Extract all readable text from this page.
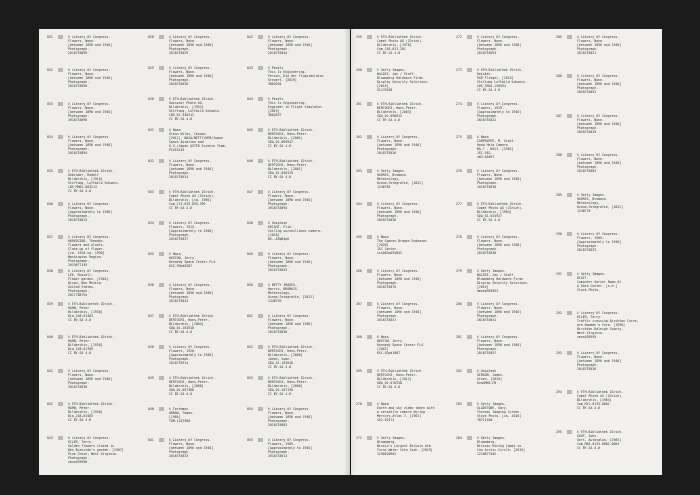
031	© Library Of Congress.
Flowers, None.
[between 1890 and 1940]
Photograph.
2018753899
032	© Library Of Congress.
Flowers, None.
[between 1890 and 1940]
Photograph.
2018753890
033	© Library Of Congress.
Flowers, None.
[between 1890 and 1940]
Photograph.
2018753896
034	© Library Of Congress.
Flowers, None.
[between 1890 and 1940]
Photograph.
2018753894
035	© ETH-Bibliothek Zürich.
Gebrüder, Rudolf
Bildarchiv, [1910]
Stiftung, Luftbild Schweiz.
LBS_MH01-003214
CC BY-SA 4.0
036	© Library Of Congress.
Flowers, None.
[Approximately to 1940]
Photograph.
2018753813
037	© Library Of Congress.
HORYDCZAK, Theodor.
Flowers and plants.
Close-up of flower.
[ca. 1920-ca. 1950]
Washington Region.
Photograph.
2019677149
038	© Library Of Congress.
LEE, Russell.
Flower garden. [1940]
Dixon, New Mexico.
United States.
Photograph.
2017788754
039	© ETH-Bibliothek Zürich.
HAHN, Peter.
Bildarchiv, [1930]
Dia_248-01404
CC BY-SA 4.0
040	© ETH-Bibliothek Zürich.
HAHN, Peter.
Bildarchiv, [1930]
Dia_248-01709
CC BY-SA 4.0
041	© Library Of Congress.
Flowers, None.
[between 1890 and 1940]
Photograph.
2018753838
042	© ETH-Bibliothek Zürich.
HAHN, Peter.
Bildarchiv, [1930]
Dia_248-01583
CC BY-SA 4.0
043	© Library Of Congress.
KILER, Terry.
Golden flowers closed in
Ben Burnside's garden. [1987]
Pine Grove, West Virginia.
Photograph.
cmns035998
028	© Library Of Congress.
Flowers, None.
[between 1890 and 1940]
Photograph.
2018753029
029	© Library Of Congress.
Flowers, None.
[between 1890 and 1940]
Photograph.
2018753028
030	© ETH-Bibliothek Zürich.
Swissair Photo AG.
Bildarchiv, [1953]
Stiftung, Luftbild Schweiz.
LBS_R1-540312
CC BY-SA 4.0
031	© Nasa
Glenn Wiles, Cannon.
[2012], NASA/NETTY/KEM/Japan
Space Aviation and
U.S./Japan ASTER Science Team.
PIA16143
032	© Library Of Congress.
Flowers, None.
[between 1890 and 1940]
Photograph.
2018753014
033	© ETH-Bibliothek Zürich.
Comet Photo AG (Zürich).
Bildarchiv, [ca. 1965]
Com_C13-035-055-399
CC BY-SA 4.0
034	© Library Of Congress.
Flowers, 1915.
[Approximately to 1940]
Photograph.
2018753837
035	© Nasa
HUSTON, Jerry.
Kennedy Space Center FL4.
KSC-99pd0387
036	© Library Of Congress.
Flowers, None.
[between 1890 and 1940]
Photograph.
2018753843
037	© ETH-Bibliothek Zürich.
BERTOCHI, Hans-Peter.
Bildarchiv, [2004]
SDA_01-103018
CC BY-SA 4.0
038	© Library Of Congress.
Flowers, 1920.
[Approximately to 1940]
Photograph.
2018753914
039	© ETH-Bibliothek Zürich.
BERTOCHI, Hans-Peter.
Bildarchiv, [2000]
SDA_01-057380
CC BY-SA 4.0
040	© Tortmann
URBAN, Tomas.
[1984]
TOM-1107980
041	© Library Of Congress.
Flowers, None.
[between 1890 and 1940]
Photograph.
2018753833
042	© Library Of Congress.
Flowers, None.
[between 1890 and 1940]
Photograph.
2018753844
043	© Pexels
This Is Engineering.
Person, Die der Flugsimulator
Steuert. [2019]
3862634
044	© Pexels
This Is Engineering.
Engineer in Flight Simulator.
[2019]
3862637
045	© ETH-Bibliothek Zürich.
BERTOCHI, Hans-Peter.
Bildarchiv, [2001]
SDA_01-069947
CC BY-SA 4.0
046	© ETH-Bibliothek Zürich.
BERTOCHI, Hans-Peter.
Bildarchiv, [2001]
SDA_01-050319
CC BY-SA 4.0
047	© Library Of Congress.
Flowers, None.
[between 1890 and 1940]
Photograph.
2018753894
048	© Unsplash
KRISHT, Elie.
Ceiling surveillance camera.
[2018]
BV--A9qB4pU
049	© Library Of Congress.
Flowers, None.
[between 1890 and 1940]
Photograph.
2018753843
050	© BETTY IMAGES.
Harris, BROMAIS.
Meteorology,
Ozone-Fotografie, [2022]
1348759
051	© Library Of Congress.
Flowers, None.
[between 1890 and 1940]
Photograph.
2018753838
052	© ETH-Bibliothek Zürich.
BERTOCHI, Hans-Peter.
Bildarchiv, [2000]
Jaeen, Swan.
SDA_01-103018
CC BY-SA 4.0
053	© ETH-Bibliothek Zürich.
BERTOCHI, Hans-Peter.
Bildarchiv, [2000]
SDA_01-107190
CC BY-SA 4.0
054	© Library Of Congress.
Flowers, None.
[between 1890 and 1940]
Photograph.
2018753003
055	© Library Of Congress.
Flowers, 1905.
[Approximately to 1940]
Photograph.
2018753813
259	© ETH-Bibliothek Zürich.
Comet Photo AG (Zürich).
Bildarchiv, [1970]
Com_C03-011-201
CC BY-SA 4.0
260	© Getty Images.
WALDIE, Jan / Staff.
Bloomberg Hardware Firms
Display Security Solutions.
[2016]
91170528
261	© ETH-Bibliothek Zürich.
BERTOCHI, Hans-Peter.
Bildarchiv, [2003]
SDA_01-096812
CC BY-SA 4.0
262	© Library Of Congress.
Flowers, None.
[between 1890 and 1940]
Photograph.
2018753826
263	© Getty Images.
HARRIS, Bromaie.
Meteorology,
Ozone-Fotografie, [2022]
1348785
264	© Library Of Congress.
Flowers, None.
[between 1890 and 1940]
Photograph.
2018753836
265	© Nasa
The Spacex Dragon Endeavor.
[2020]
JSC Center.
iss063e055842
266	© Library Of Congress.
Flowers, None.
[between 1890 and 1940]
Photograph.
2018753876
267	© Library Of Congress.
Flowers, None.
[between 1890 and 1940]
Photograph.
2018753847
268	© Nasa
HUSTON, Jerry.
Kennedy Space Center FL4.
[2002]
KSC-02pd1087
269	© ETH-Bibliothek Zürich.
BERTOCHI, Hans-Peter.
Bildarchiv, [2012]
SDA_01-076538
CC BY-SA 4.0
270	© Nasa
Earth and sky video taken with
a versatile camera during
Mercury-Atlas 7. [1962]
S62-02474
271	© Getty Images.
Bloomberg.
Nissin's Largest Bitcoin Atm
Turns Water Into Cash. [2019]
1196820902
272	© Library Of Congress.
Flowers, None.
[between 1890 and 1940]
Photograph.
2018753893
273	© ETH-Bibliothek Zürich.
Deiskar.
RGD Flieger, [2018]
Stiftung Luftbild Schweiz.
LBS_SR04-150594
CC BY-SA 4.0
274	© Library Of Congress.
Flowers, 1925.
[Approximately to 1940]
Photograph.
2018753822
275	© Nasa
CARPENTER, M. Scott.
Hand Held Camera
MA-7 - NSSI. [1962]
JSC-S62-
xW3-01897
276	© Library Of Congress.
Flowers, None.
[between 1890 and 1940]
Photograph.
2018753838
277	© ETH-Bibliothek Zürich.
Comet Photo AG (Zürich).
Bildarchiv, [1964]
SDA_01-024937
CC BY-SA 4.0
278	© Library Of Congress.
Flowers, None.
[between 1890 and 1940]
Photograph.
2018753830
279	© Getty Images.
WALDIE, Jan / Staff.
Bloomberg Hardware Firms
Display Security Solutions.
[2016]
amoeb955893
280	© Library Of Congress.
Flowers, None.
[between 1890 and 1940]
Photograph.
2018753841
281	© Library Of Congress.
Flowers, None.
[between 1890 and 1940]
Photograph.
2018753857
282	© Unsplash
GIBSON, James.
Green. [2020]
6vaXMK8-FB
283	© Getty Images.
GLADSTONE, Gary.
Thermal Imaging Screen.
Stock Photo. [ca. 2010]
78711498
284	© Getty Images.
Bloomberg.
Bitcoin Mining Comes to
the Arctic Circle. [2019]
1210877402
285	© Library Of Congress.
Flowers, None.
[between 1890 and 1940]
Photograph.
2018753821
286	© Library Of Congress.
Flowers, None.
[between 1890 and 1940]
Photograph.
2018753852
287	© Library Of Congress.
Flowers, None.
[between 1890 and 1940]
Photograph.
2018753829
288	© Library Of Congress.
Flowers, None.
[between 1890 and 1940]
Photograph.
2018753883
289	© Getty Images.
HARRIS, Bromaie.
Meteorology,
Ozone-Fotografie, [2022]
1348778
290	© Library Of Congress.
Flowers, 1905.
[Approximately to 1940]
Photograph.
2018753833
291	© Getty Images.
DIGIT.
Computer Server Room At
A Data Center. [n.d.]
Stock Photo.
292	© Library Of Congress.
KILER, Terry.
Traffic crossing Birchton Curve,
ara Bowman's Farm. [1996]
Birchton-Raleigh County,
West Virginia.
cmns035995
293	© Library Of Congress.
Flowers, None.
[between 1890 and 1940]
Photograph.
2018753838
294	© ETH-Bibliothek Zürich.
Comet Photo AG (Zürich).
Bildarchiv, [1964]
Com_M12-0135-0001
CC BY-SA 4.0
295	© ETH-Bibliothek Zürich.
SOUT, John.
Gert, Autovalon, [1965]
Com_M03-0135-0001-0004
CC BY-SA 4.0
